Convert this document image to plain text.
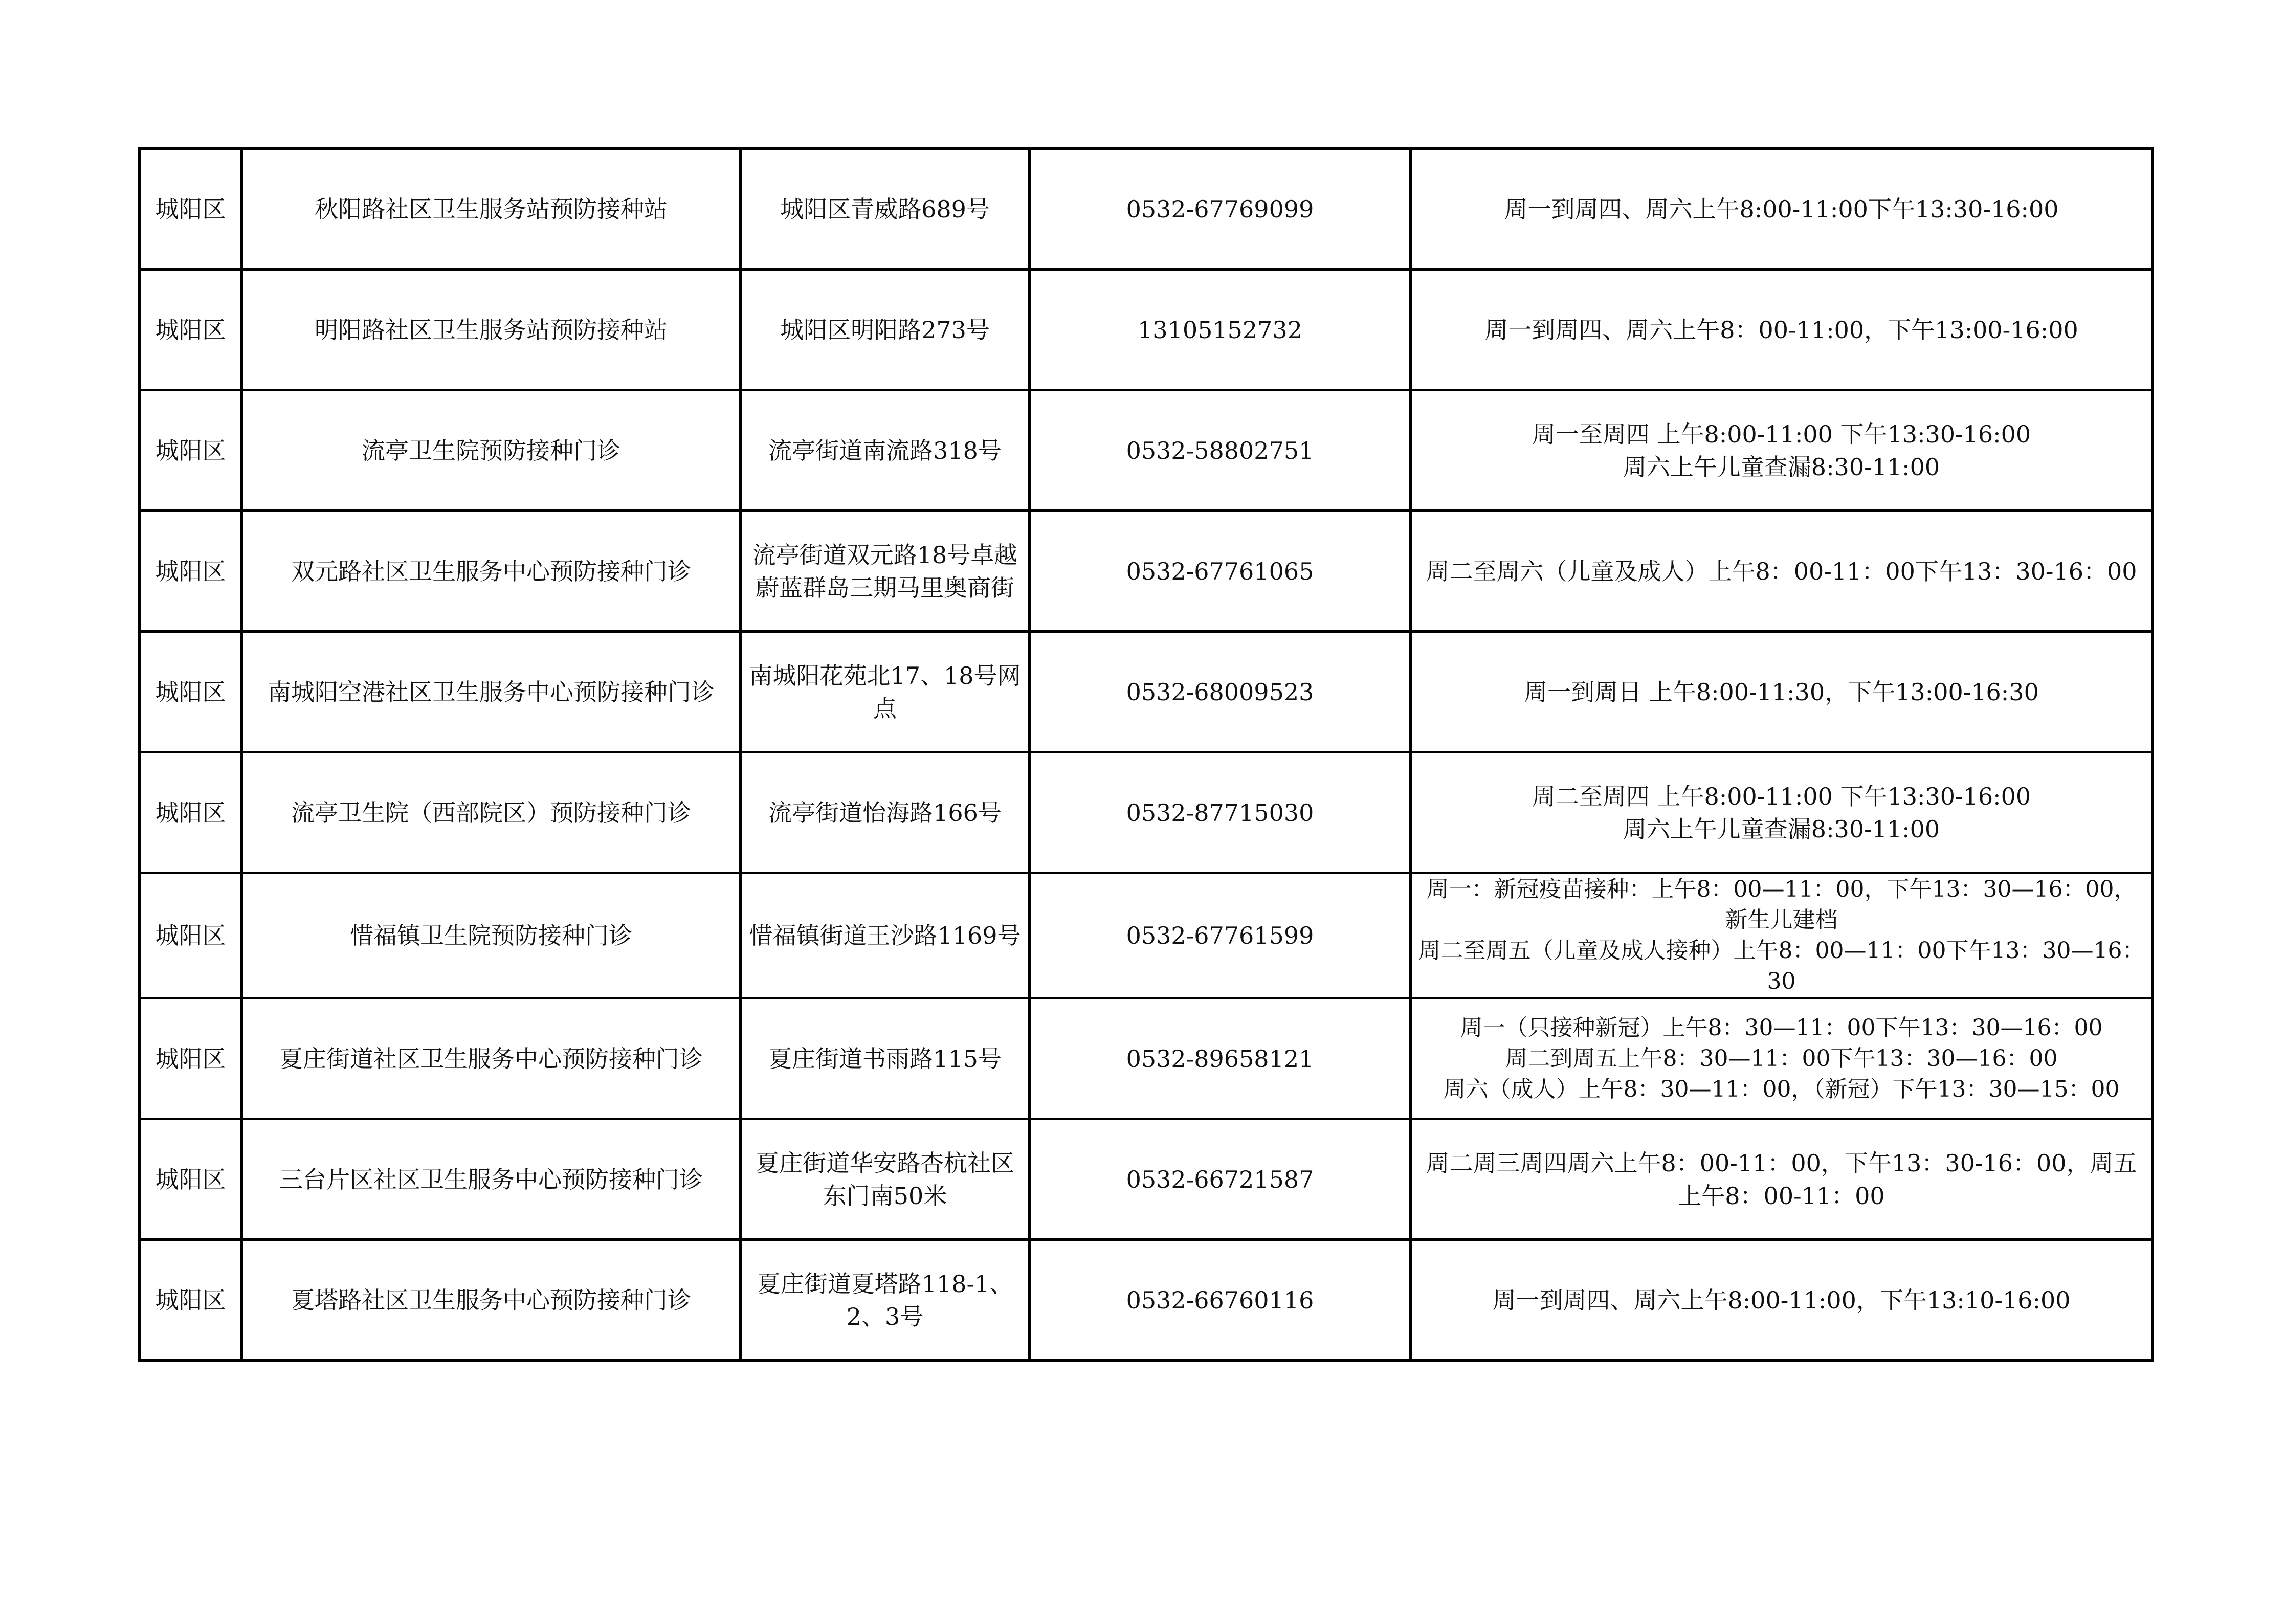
城阳区	秋阳路社区卫生服务站预防接种站	城阳区青威路689号	0532-67769099	周一到周四、周六上午8:00-11:00下午13:30-16:00
城阳区	明阳路社区卫生服务站预防接种站	城阳区明阳路273号	13105152732	周一到周四、周六上午8：00-11:00，下午13:00-16:00
城阳区	流亭卫生院预防接种门诊	流亭街道南流路318号	0532-58802751	周一至周四 上午8:00-11:00 下午13:30-16:00
周六上午儿童查漏8:30-11:00
城阳区	双元路社区卫生服务中心预防接种门诊	流亭街道双元路18号卓越蔚蓝群岛三期马里奥商街	0532-67761065	周二至周六（儿童及成人）上午8：00-11：00下午13：30-16：00
城阳区	南城阳空港社区卫生服务中心预防接种门诊	南城阳花苑北17、18号网点	0532-68009523	周一到周日 上午8:00-11:30，下午13:00-16:30
城阳区	流亭卫生院（西部院区）预防接种门诊	流亭街道怡海路166号	0532-87715030	周二至周四 上午8:00-11:00 下午13:30-16:00
周六上午儿童查漏8:30-11:00
城阳区	惜福镇卫生院预防接种门诊	惜福镇街道王沙路1169号	0532-67761599	周一：新冠疫苗接种：上午8：00—11：00，下午13：30—16：00，新生儿建档
周二至周五（儿童及成人接种）上午8：00—11：00下午13：30—16：30
城阳区	夏庄街道社区卫生服务中心预防接种门诊	夏庄街道书雨路115号	0532-89658121	周一（只接种新冠）上午8：30—11：00下午13：30—16：00
周二到周五上午8：30—11：00下午13：30—16：00
周六（成人）上午8：30—11：00，（新冠）下午13：30—15：00
城阳区	三台片区社区卫生服务中心预防接种门诊	夏庄街道华安路杏杭社区东门南50米	0532-66721587	周二周三周四周六上午8：00-11：00，下午13：30-16：00，周五上午8：00-11：00
城阳区	夏塔路社区卫生服务中心预防接种门诊	夏庄街道夏塔路118-1、2、3号	0532-66760116	周一到周四、周六上午8:00-11:00，下午13:10-16:00
